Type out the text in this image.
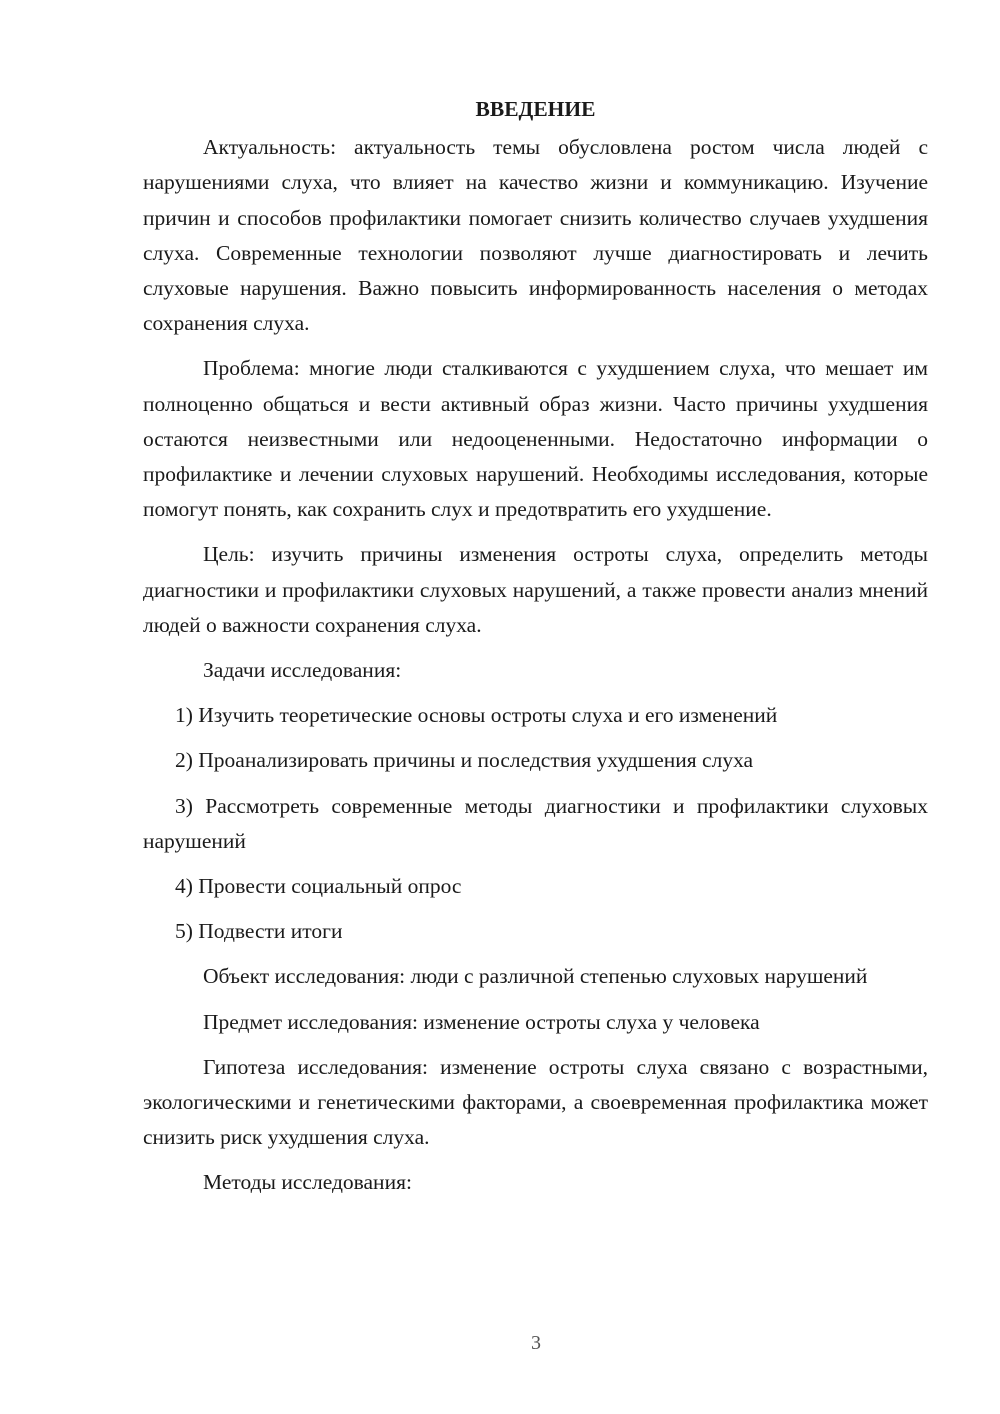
ВВЕДЕНИЕ

Актуальность: актуальность темы обусловлена ростом числа людей с нарушениями слуха, что влияет на качество жизни и коммуникацию. Изучение причин и способов профилактики помогает снизить количество случаев ухудшения слуха. Современные технологии позволяют лучше диагностировать и лечить слуховые нарушения. Важно повысить информированность населения о методах сохранения слуха.

Проблема: многие люди сталкиваются с ухудшением слуха, что мешает им полноценно общаться и вести активный образ жизни. Часто причины ухудшения остаются неизвестными или недооцененными. Недостаточно информации о профилактике и лечении слуховых нарушений. Необходимы исследования, которые помогут понять, как сохранить слух и предотвратить его ухудшение.

Цель: изучить причины изменения остроты слуха, определить методы диагностики и профилактики слуховых нарушений, а также провести анализ мнений людей о важности сохранения слуха.

Задачи исследования:

1) Изучить теоретические основы остроты слуха и его изменений

2) Проанализировать причины и последствия ухудшения слуха

3) Рассмотреть современные методы диагностики и профилактики слуховых нарушений

4) Провести социальный опрос

5) Подвести итоги

Объект исследования: люди с различной степенью слуховых нарушений

Предмет исследования: изменение остроты слуха у человека

Гипотеза исследования: изменение остроты слуха связано с возрастными, экологическими и генетическими факторами, а своевременная профилактика может снизить риск ухудшения слуха.

Методы исследования:

3
